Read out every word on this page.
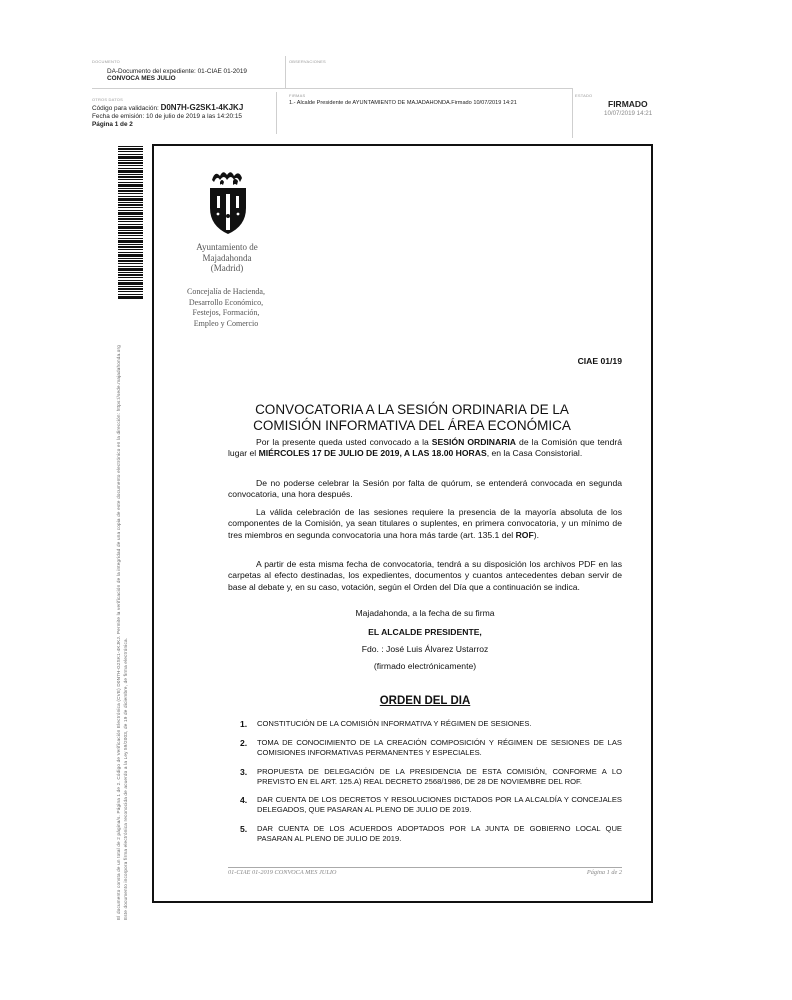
DOCUMENTO	OBSERVACIONES
DA-Documento del expediente: 01-CIAE 01-2019
CONVOCA MES JULIO
OTROS DATOS
Código para validación: D0N7H-G2SK1-4KJKJ
Fecha de emisión: 10 de julio de 2019 a las 14:20:15
Página 1 de 2
FIRMAS
1.- Alcalde Presidente de AYUNTAMIENTO DE MAJADAHONDA.Firmado 10/07/2019 14:21
ESTADO
FIRMADO
10/07/2019 14:21
El documento consta de un total de 2 página/s. Página 1 de 2. Código de Verificación Electrónica (CVE) D0N7H-G2SK1-4KJKJ. Permite la verificación de la integridad de una copia de este documento electrónico en la dirección: https://sede.majadahonda.org Este documento incorpora firma electrónica reconocida de acuerdo a la Ley 59/2003, de 19 de diciembre, de firma electrónica.
Ayuntamiento de
Majadahonda
(Madrid)
Concejalía de Hacienda,
Desarrollo Económico,
Festejos, Formación,
Empleo y Comercio
CIAE 01/19
CONVOCATORIA A LA SESIÓN ORDINARIA DE LA
COMISIÓN INFORMATIVA DEL ÁREA ECONÓMICA
Por la presente queda usted convocado a la SESIÓN ORDINARIA de la Comisión que tendrá lugar el MIÉRCOLES 17 DE JULIO DE 2019, A LAS 18.00 HORAS, en la Casa Consistorial.
De no poderse celebrar la Sesión por falta de quórum, se entenderá convocada en segunda convocatoria, una hora después.
La válida celebración de las sesiones requiere la presencia de la mayoría absoluta de los componentes de la Comisión, ya sean titulares o suplentes, en primera convocatoria, y un mínimo de tres miembros en segunda convocatoria una hora más tarde (art. 135.1 del ROF).
A partir de esta misma fecha de convocatoria, tendrá a su disposición los archivos PDF en las carpetas al efecto destinadas, los expedientes, documentos y cuantos antecedentes deban servir de base al debate y, en su caso, votación, según el Orden del Día que a continuación se indica.
Majadahonda, a la fecha de su firma
EL ALCALDE PRESIDENTE,
Fdo. : José Luis Álvarez Ustarroz
(firmado electrónicamente)
ORDEN DEL DIA
1. CONSTITUCIÓN DE LA COMISIÓN INFORMATIVA Y RÉGIMEN DE SESIONES.
2. TOMA DE CONOCIMIENTO DE LA CREACIÓN COMPOSICIÓN Y RÉGIMEN DE SESIONES DE LAS COMISIONES INFORMATIVAS PERMANENTES Y ESPECIALES.
3. PROPUESTA DE DELEGACIÓN DE LA PRESIDENCIA DE ESTA COMISIÓN, CONFORME A LO PREVISTO EN EL ART. 125.A) REAL DECRETO 2568/1986, DE 28 DE NOVIEMBRE DEL ROF.
4. DAR CUENTA DE LOS DECRETOS Y RESOLUCIONES DICTADOS POR LA ALCALDÍA Y CONCEJALES DELEGADOS, QUE PASARAN AL PLENO DE JULIO DE 2019.
5. DAR CUENTA DE LOS ACUERDOS ADOPTADOS POR LA JUNTA DE GOBIERNO LOCAL QUE PASARAN AL PLENO DE JULIO DE 2019.
01-CIAE 01-2019 CONVOCA MES JULIO	Página 1 de 2
